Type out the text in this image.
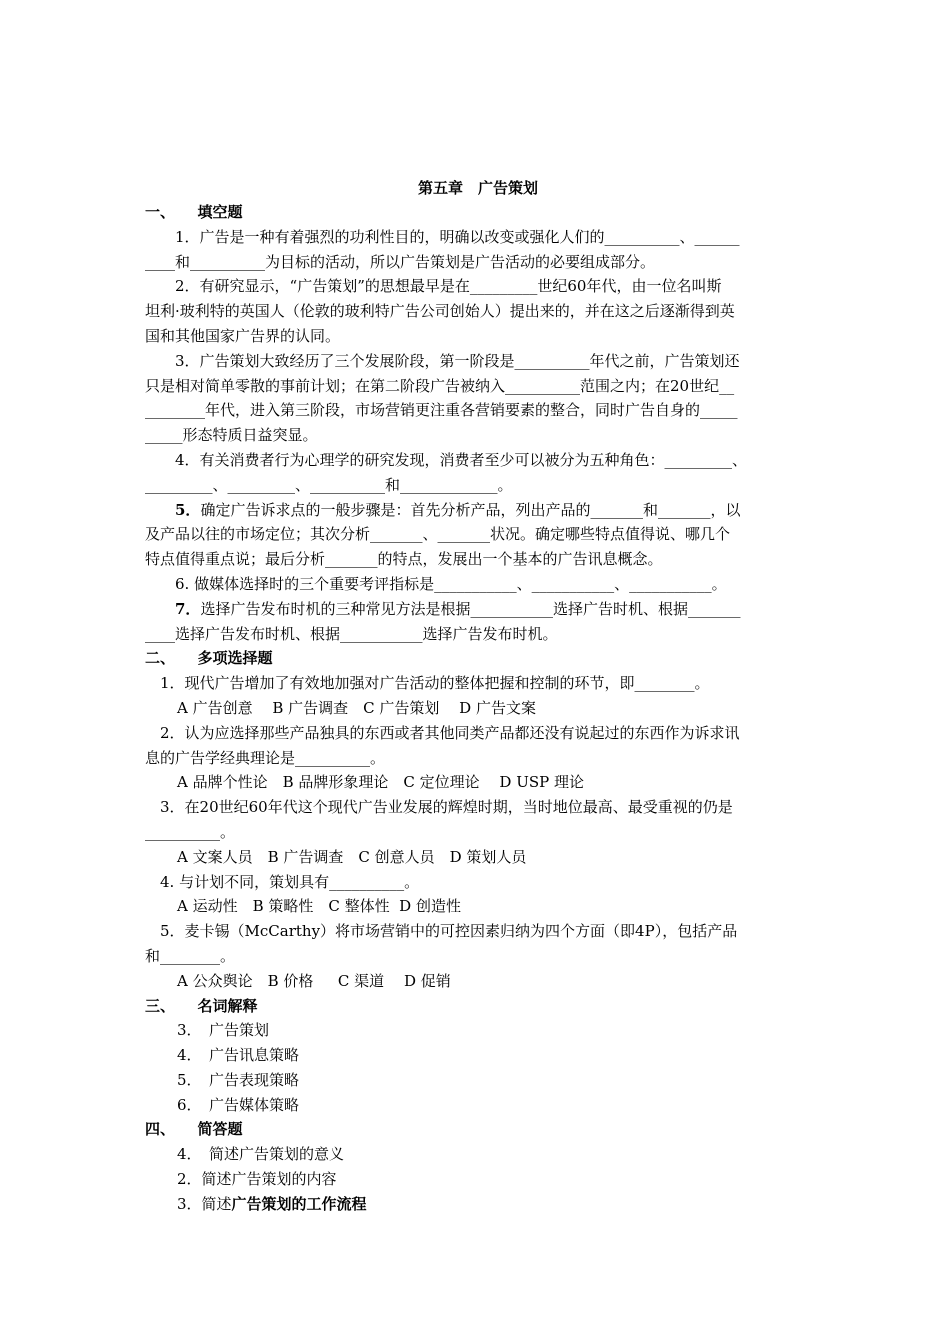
第五章　广告策划
一、　　填空题
1．广告是一种有着强烈的功利性目的，明确以改变或强化人们的__________、______
____和__________为目标的活动，所以广告策划是广告活动的必要组成部分。
2．有研究显示，“广告策划”的思想最早是在_________世纪60年代，由一位名叫斯
坦利·玻利特的英国人（伦敦的玻利特广告公司创始人）提出来的，并在这之后逐渐得到英
国和其他国家广告界的认同。
3．广告策划大致经历了三个发展阶段，第一阶段是__________年代之前，广告策划还
只是相对简单零散的事前计划；在第二阶段广告被纳入__________范围之内；在20世纪__
________年代，进入第三阶段，市场营销更注重各营销要素的整合，同时广告自身的_____
_____形态特质日益突显。
4．有关消费者行为心理学的研究发现，消费者至少可以被分为五种角色：_________、
_________、_________、__________和_____________。
5．确定广告诉求点的一般步骤是：首先分析产品，列出产品的_______和_______，以
及产品以往的市场定位；其次分析_______、_______状况。确定哪些特点值得说、哪几个
特点值得重点说；最后分析_______的特点，发展出一个基本的广告讯息概念。
6. 做媒体选择时的三个重要考评指标是___________、___________、___________。
7．选择广告发布时机的三种常见方法是根据___________选择广告时机、根据_______
____选择广告发布时机、根据___________选择广告发布时机。
二、　　多项选择题
1．现代广告增加了有效地加强对广告活动的整体把握和控制的环节，即________。
A 广告创意　 B 广告调查　C 广告策划　 D 广告文案
2．认为应选择那些产品独具的东西或者其他同类产品都还没有说起过的东西作为诉求讯
息的广告学经典理论是__________。
A 品牌个性论　B 品牌形象理论　C 定位理论　 D USP 理论
3．在20世纪60年代这个现代广告业发展的辉煌时期，当时地位最高、最受重视的仍是
__________。
A 文案人员　B 广告调查　C 创意人员　D 策划人员
4. 与计划不同，策划具有__________。
A 运动性　B 策略性　C 整体性  D 创造性
5．麦卡锡（McCarthy）将市场营销中的可控因素归纳为四个方面（即4P），包括产品
和________。
A 公众舆论　B 价格　  C 渠道　 D 促销
三、　　名词解释
3．　广告策划
4．　广告讯息策略
5．　广告表现策略
6．　广告媒体策略
四、　　简答题
4．　简述广告策划的意义
2．简述广告策划的内容
3．简述广告策划的工作流程
